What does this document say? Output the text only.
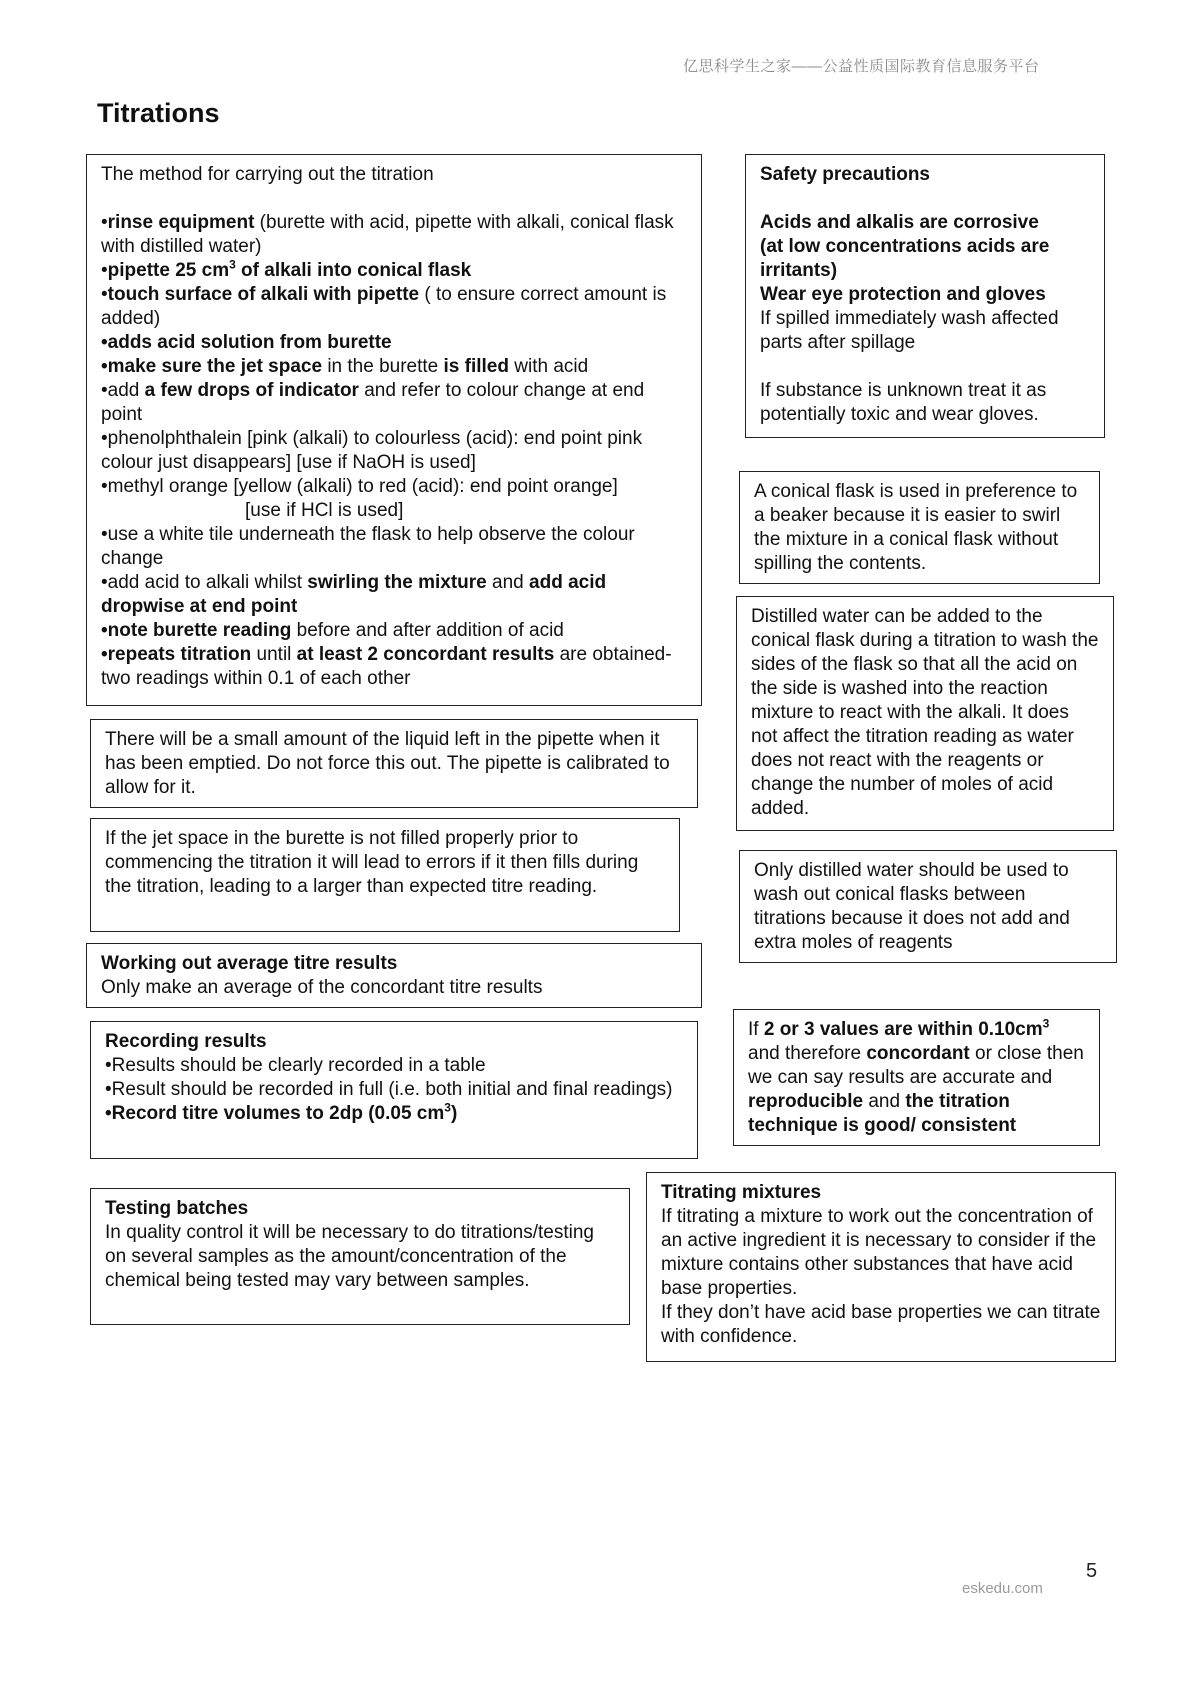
亿思科学生之家——公益性质国际教育信息服务平台
Titrations

The method for carrying out the titration

•rinse equipment (burette with acid, pipette with alkali, conical flask with distilled water)

•pipette 25 $cm^3$ of alkali into conical flask

•touch surface of alkali with pipette ( to ensure correct amount is added)

•adds acid solution from burette

•make sure the jet space in the burette is filled with acid

•add a few drops of indicator and refer to colour change at end point

•phenolphthalein [pink (alkali) to colourless (acid): end point pink colour just disappears] [use if NaOH is used]

•methyl orange [yellow (alkali) to red (acid): end point orange]

[use if HCl is used]

•use a white tile underneath the flask to help observe the colour change

•add acid to alkali whilst swirling the mixture and add acid dropwise at end point

•note burette reading before and after addition of acid

•repeats titration until at least 2 concordant results are obtained- two readings within 0.1 of each other

Safety precautions

Acids and alkalis are corrosive

(at low concentrations acids are irritants)

Wear eye protection and gloves

If spilled immediately wash affected parts after spillage

If substance is unknown treat it as potentially toxic and wear gloves.

A conical flask is used in preference to a beaker because it is easier to swirl the mixture in a conical flask without spilling the contents.

Distilled water can be added to the conical flask during a titration to wash the sides of the flask so that all the acid on the side is washed into the reaction mixture to react with the alkali. It does not affect the titration reading as water does not react with the reagents or change the number of moles of acid added.

There will be a small amount of the liquid left in the pipette when it has been emptied. Do not force this out. The pipette is calibrated to allow for it.

If the jet space in the burette is not filled properly prior to commencing the titration it will lead to errors if it then fills during the titration, leading to a larger than expected titre reading.

Only distilled water should be used to wash out conical flasks between titrations because it does not add and extra moles of reagents

Working out average titre results

Only make an average of the concordant titre results

If 2 or 3 values are within $0.10cm^3$ and therefore concordant or close then we can say results are accurate and reproducible and the titration technique is good/ consistent

Recording results

•Results should be clearly recorded in a table

•Result should be recorded in full (i.e. both initial and final readings)

•Record titre volumes to 2dp (0.05 $cm^3$)

Titrating mixtures

If titrating a mixture to work out the concentration of an active ingredient it is necessary to consider if the mixture contains other substances that have acid base properties.

If they don’t have acid base properties we can titrate with confidence.

Testing batches

In quality control it will be necessary to do titrations/testing on several samples as the amount/concentration of the chemical being tested may vary between samples.

5
eskedu.com
